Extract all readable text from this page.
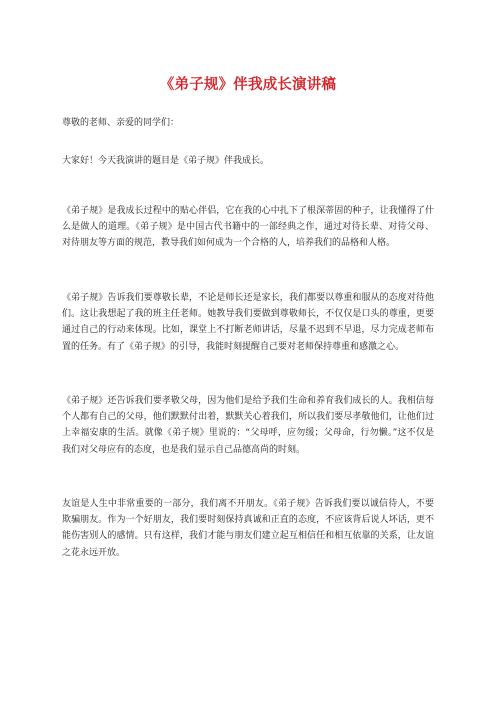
《弟子规》伴我成长演讲稿

尊敬的老师、亲爱的同学们：

大家好！今天我演讲的题目是《弟子规》伴我成长。

《弟子规》是我成长过程中的贴心伴侣，它在我的心中扎下了根深蒂固的种子，让我懂得了什么是做人的道理。《弟子规》是中国古代书籍中的一部经典之作，通过对待长辈、对待父母、对待朋友等方面的规范，教导我们如何成为一个合格的人，培养我们的品格和人格。

《弟子规》告诉我们要尊敬长辈，不论是师长还是家长，我们都要以尊重和服从的态度对待他们。这让我想起了我的班主任老师。她教导我们要做到尊敬师长，不仅仅是口头的尊重，更要通过自己的行动来体现。比如，课堂上不打断老师讲话，尽量不迟到不早退，尽力完成老师布置的任务。有了《弟子规》的引导，我能时刻提醒自己要对老师保持尊重和感激之心。

《弟子规》还告诉我们要孝敬父母，因为他们是给予我们生命和养育我们成长的人。我相信每个人都有自己的父母，他们默默付出着，默默关心着我们，所以我们要尽孝敬他们，让他们过上幸福安康的生活。就像《弟子规》里说的：“父母呼，应勿缓；父母命，行勿懒。”这不仅是我们对父母应有的态度，也是我们显示自己品德高尚的时刻。

友谊是人生中非常重要的一部分，我们离不开朋友。《弟子规》告诉我们要以诚信待人，不要欺骗朋友。作为一个好朋友，我们要时刻保持真诚和正直的态度，不应该背后说人坏话，更不能伤害别人的感情。只有这样，我们才能与朋友们建立起互相信任和相互依靠的关系，让友谊之花永远开放。
